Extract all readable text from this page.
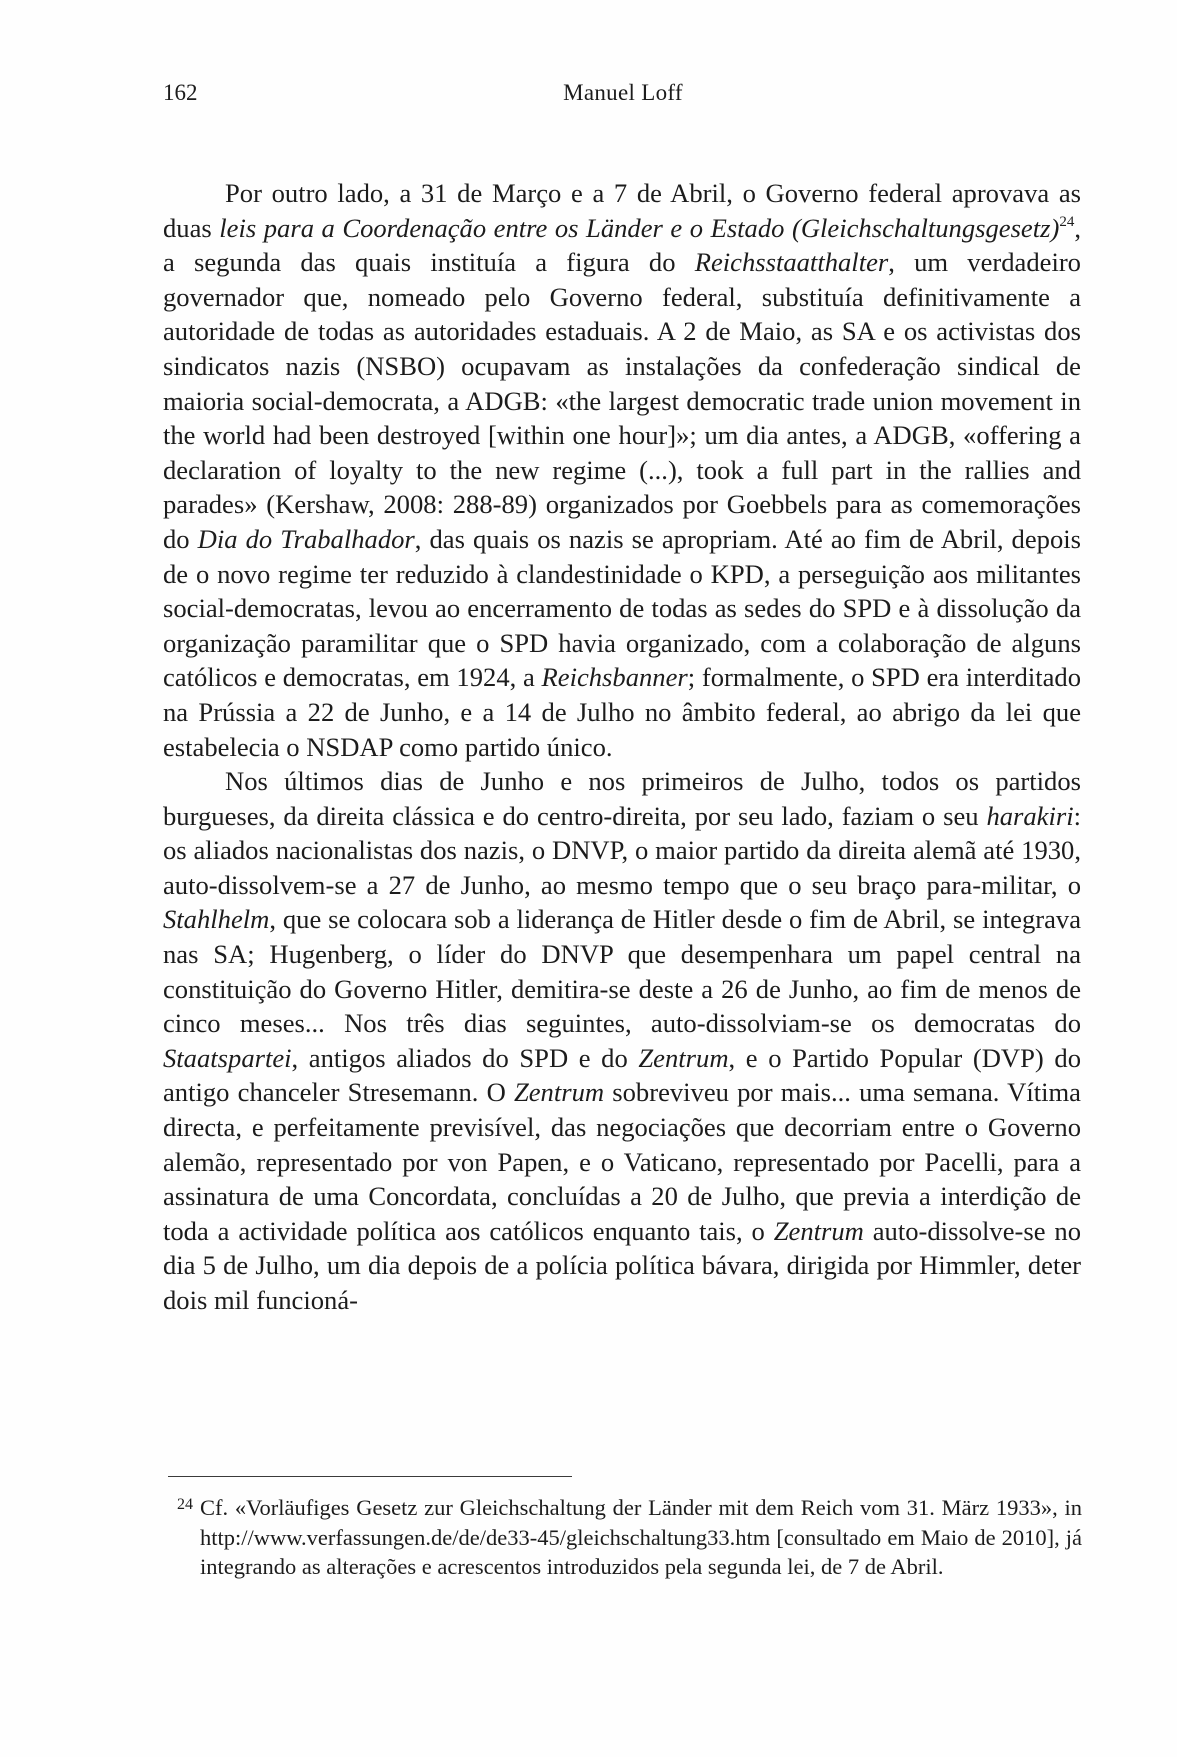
162	Manuel Loff

Por outro lado, a 31 de Março e a 7 de Abril, o Governo federal aprovava as duas leis para a Coordenação entre os Länder e o Estado (Gleichschaltungsgesetz)$^{24}$, a segunda das quais instituía a figura do Reichsstaatthalter, um verdadeiro governador que, nomeado pelo Governo federal, substituía definitivamente a autoridade de todas as autoridades estaduais. A 2 de Maio, as SA e os activistas dos sindicatos nazis (NSBO) ocupavam as instalações da confederação sindical de maioria social-democrata, a ADGB: «the largest democratic trade union movement in the world had been destroyed [within one hour]»; um dia antes, a ADGB, «offering a declaration of loyalty to the new regime (...), took a full part in the rallies and parades» (Kershaw, 2008: 288-89) organizados por Goebbels para as comemorações do Dia do Trabalhador, das quais os nazis se apropriam. Até ao fim de Abril, depois de o novo regime ter reduzido à clandestinidade o KPD, a perseguição aos militantes social-democratas, levou ao encerramento de todas as sedes do SPD e à dissolução da organização paramilitar que o SPD havia organizado, com a colaboração de alguns católicos e democratas, em 1924, a Reichsbanner; formalmente, o SPD era interditado na Prússia a 22 de Junho, e a 14 de Julho no âmbito federal, ao abrigo da lei que estabelecia o NSDAP como partido único.

Nos últimos dias de Junho e nos primeiros de Julho, todos os partidos burgueses, da direita clássica e do centro-direita, por seu lado, faziam o seu harakiri: os aliados nacionalistas dos nazis, o DNVP, o maior partido da direita alemã até 1930, auto-dissolvem-se a 27 de Junho, ao mesmo tempo que o seu braço para-militar, o Stahlhelm, que se colocara sob a liderança de Hitler desde o fim de Abril, se integrava nas SA; Hugenberg, o líder do DNVP que desempenhara um papel central na constituição do Governo Hitler, demitira-se deste a 26 de Junho, ao fim de menos de cinco meses... Nos três dias seguintes, auto-dissolviam-se os democratas do Staatspartei, antigos aliados do SPD e do Zentrum, e o Partido Popular (DVP) do antigo chanceler Stresemann. O Zentrum sobreviveu por mais... uma semana. Vítima directa, e perfeitamente previsível, das negociações que decorriam entre o Governo alemão, representado por von Papen, e o Vaticano, representado por Pacelli, para a assinatura de uma Concordata, concluídas a 20 de Julho, que previa a interdição de toda a actividade política aos católicos enquanto tais, o Zentrum auto-dissolve-se no dia 5 de Julho, um dia depois de a polícia política bávara, dirigida por Himmler, deter dois mil funcioná-

24 Cf. «Vorläufiges Gesetz zur Gleichschaltung der Länder mit dem Reich vom 31. März 1933», in http://www.verfassungen.de/de/de33-45/gleichschaltung33.htm [consultado em Maio de 2010], já integrando as alterações e acrescentos introduzidos pela segunda lei, de 7 de Abril.
